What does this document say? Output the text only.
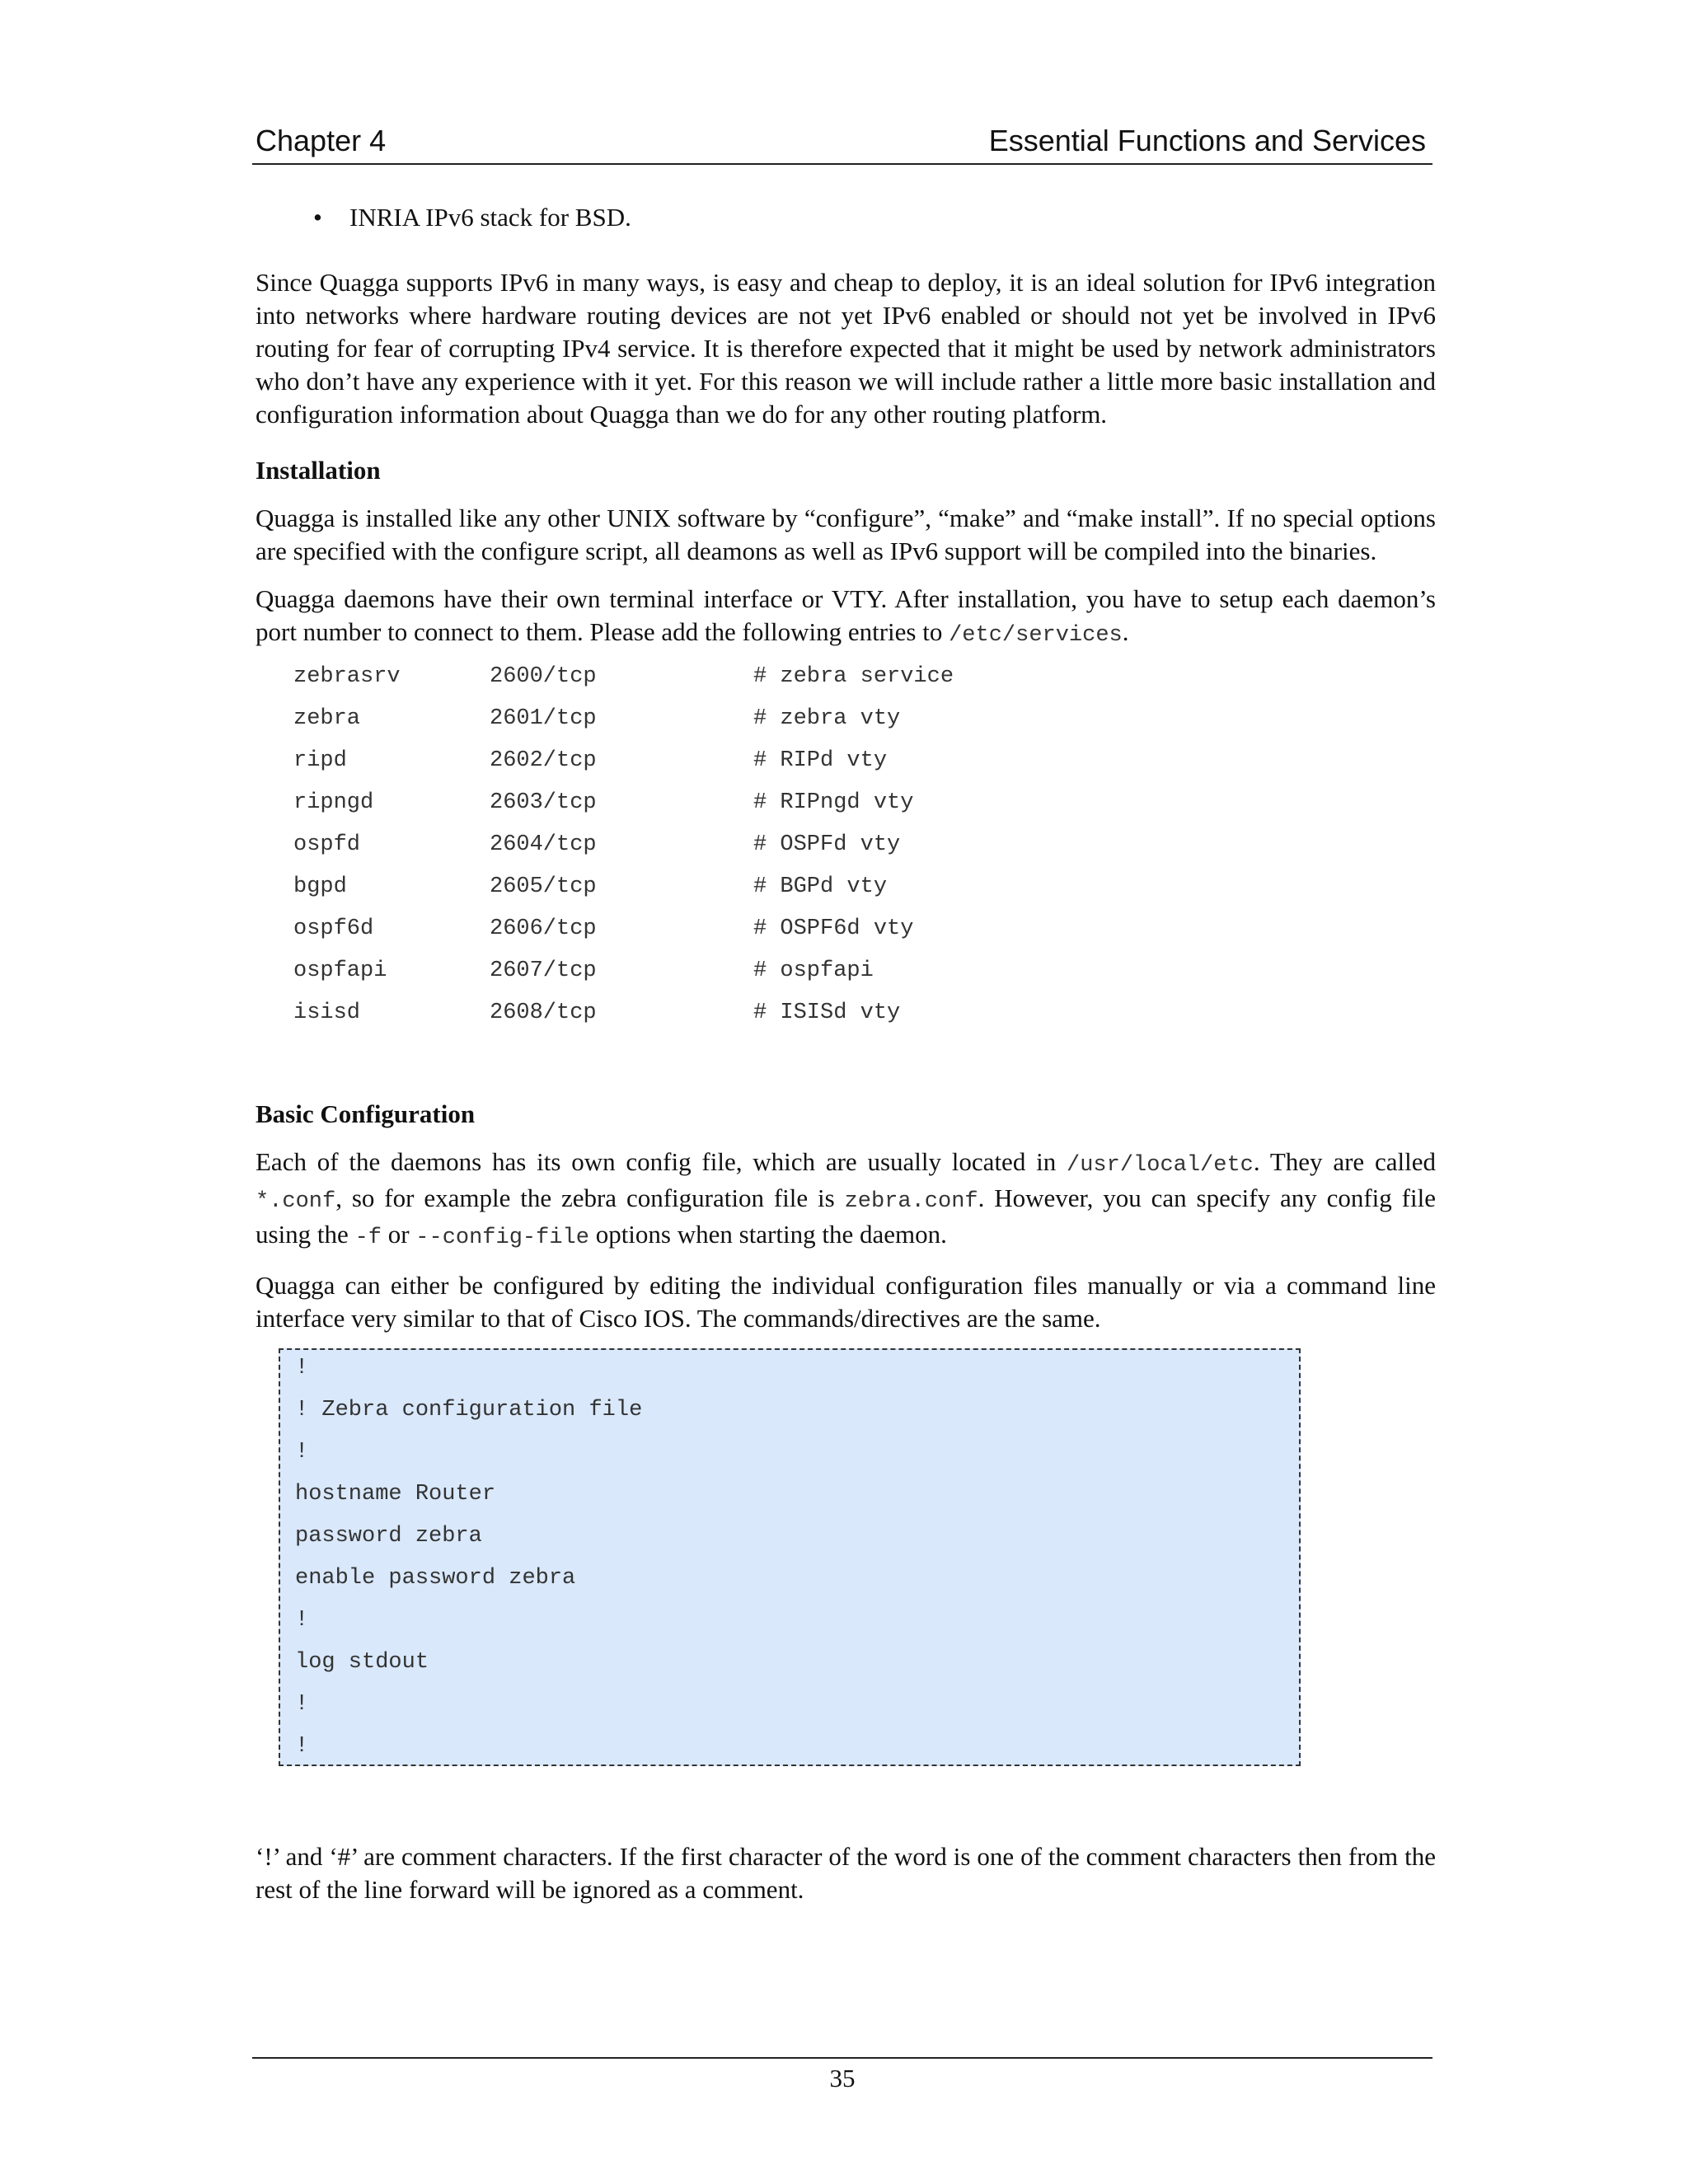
Chapter 4	Essential Functions and Services
• INRIA IPv6 stack for BSD.

Since Quagga supports IPv6 in many ways, is easy and cheap to deploy, it is an ideal solution for IPv6 integration into networks where hardware routing devices are not yet IPv6 enabled or should not yet be involved in IPv6 routing for fear of corrupting IPv4 service. It is therefore expected that it might be used by network administrators who don’t have any experience with it yet. For this reason we will include rather a little more basic installation and configuration information about Quagga than we do for any other routing platform.

Installation

Quagga is installed like any other UNIX software by “configure”, “make” and “make install”. If no special options are specified with the configure script, all deamons as well as IPv6 support will be compiled into the binaries.

Quagga daemons have their own terminal interface or VTY. After installation, you have to setup each daemon’s port number to connect to them. Please add the following entries to /etc/services.

zebrasrv	2600/tcp	# zebra service
zebra	2601/tcp	# zebra vty
ripd	2602/tcp	# RIPd vty
ripngd	2603/tcp	# RIPngd vty
ospfd	2604/tcp	# OSPFd vty
bgpd	2605/tcp	# BGPd vty
ospf6d	2606/tcp	# OSPF6d vty
ospfapi	2607/tcp	# ospfapi
isisd	2608/tcp	# ISISd vty
Basic Configuration

Each of the daemons has its own config file, which are usually located in /usr/local/etc. They are called *.conf, so for example the zebra configuration file is zebra.conf. However, you can specify any config file using the -f or --config-file options when starting the daemon.

Quagga can either be configured by editing the individual configuration files manually or via a command line interface very similar to that of Cisco IOS. The commands/directives are the same.

!
! Zebra configuration file
!
hostname Router
password zebra
enable password zebra
!
log stdout
!
!

‘!’ and ‘#’ are comment characters. If the first character of the word is one of the comment characters then from the rest of the line forward will be ignored as a comment.

35
